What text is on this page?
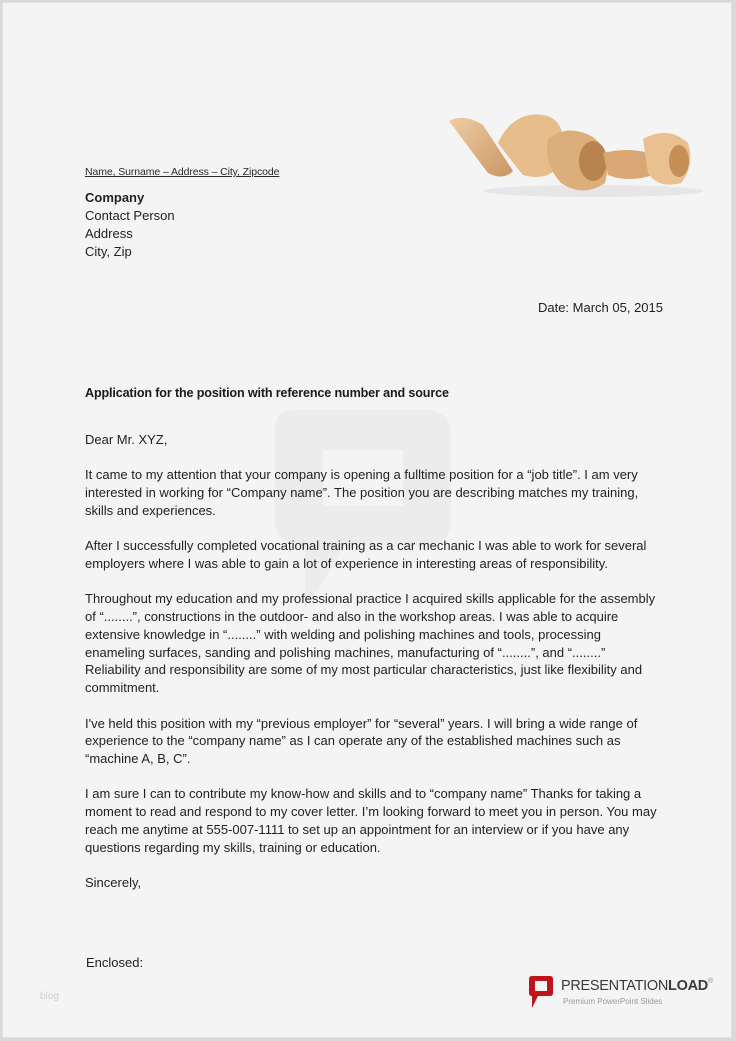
Name, Surname – Address – City, Zipcode
Company
Contact Person
Address
City, Zip
Date: March 05, 2015
Application for the position with reference number and source

Dear Mr. XYZ,

It came to my attention that your company is opening a fulltime position for a “job title”. I am very interested in working for “Company name”. The position you are describing matches my training, skills and experiences.

After I successfully completed vocational training as a car mechanic I was able to work for several employers where I was able to gain a lot of experience in interesting areas of responsibility.

Throughout my education and my professional practice I acquired skills applicable for the assembly of “........”, constructions in the outdoor- and also in the workshop areas. I was able to acquire extensive knowledge in “........” with welding and polishing machines and tools, processing enameling surfaces, sanding and polishing machines, manufacturing of “........”, and “........” Reliability and responsibility are some of my most particular characteristics, just like flexibility and commitment.

I've held this position with my “previous employer” for “several” years. I will bring a wide range of experience to the “company name” as I can operate any of the established machines such as “machine A, B, C”.

I am sure I can to contribute my know-how and skills and to “company name” Thanks for taking a moment to read and respond to my cover letter. I’m looking forward to meet you in person. You may reach me anytime at 555-007-1111 to set up an appointment for an interview or if you have any questions regarding my skills, training or education.

Sincerely,

Enclosed:
blog
PRESENTATIONLOAD®
Premium PowerPoint Slides
